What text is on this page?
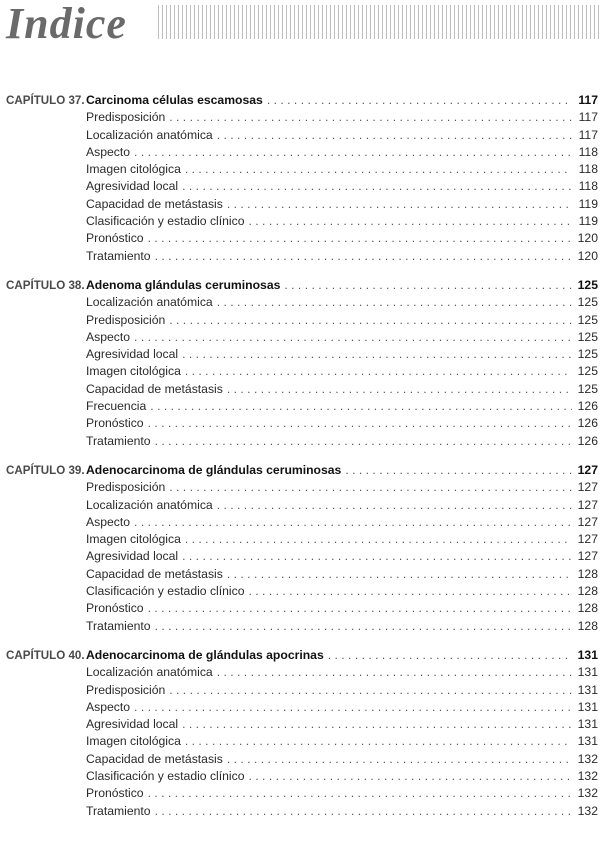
Indice
CAPÍTULO 37. Carcinoma células escamosas . . .	117
Predisposición . . .	117
Localización anatómica . . .	117
Aspecto . . .	118
Imagen citológica . . .	118
Agresividad local . . .	118
Capacidad de metástasis . . .	119
Clasificación y estadio clínico . . .	119
Pronóstico . . .	120
Tratamiento . . .	120
CAPÍTULO 38. Adenoma glándulas ceruminosas . . .	125
Localización anatómica . . .	125
Predisposición . . .	125
Aspecto . . .	125
Agresividad local . . .	125
Imagen citológica . . .	125
Capacidad de metástasis . . .	125
Frecuencia . . .	126
Pronóstico . . .	126
Tratamiento . . .	126
CAPÍTULO 39. Adenocarcinoma de glándulas ceruminosas . . .	127
Predisposición . . .	127
Localización anatómica . . .	127
Aspecto . . .	127
Imagen citológica . . .	127
Agresividad local . . .	127
Capacidad de metástasis . . .	128
Clasificación y estadio clínico . . .	128
Pronóstico . . .	128
Tratamiento . . .	128
CAPÍTULO 40. Adenocarcinoma de glándulas apocrinas . . .	131
Localización anatómica . . .	131
Predisposición . . .	131
Aspecto . . .	131
Agresividad local . . .	131
Imagen citológica . . .	131
Capacidad de metástasis . . .	132
Clasificación y estadio clínico . . .	132
Pronóstico . . .	132
Tratamiento . . .	132
